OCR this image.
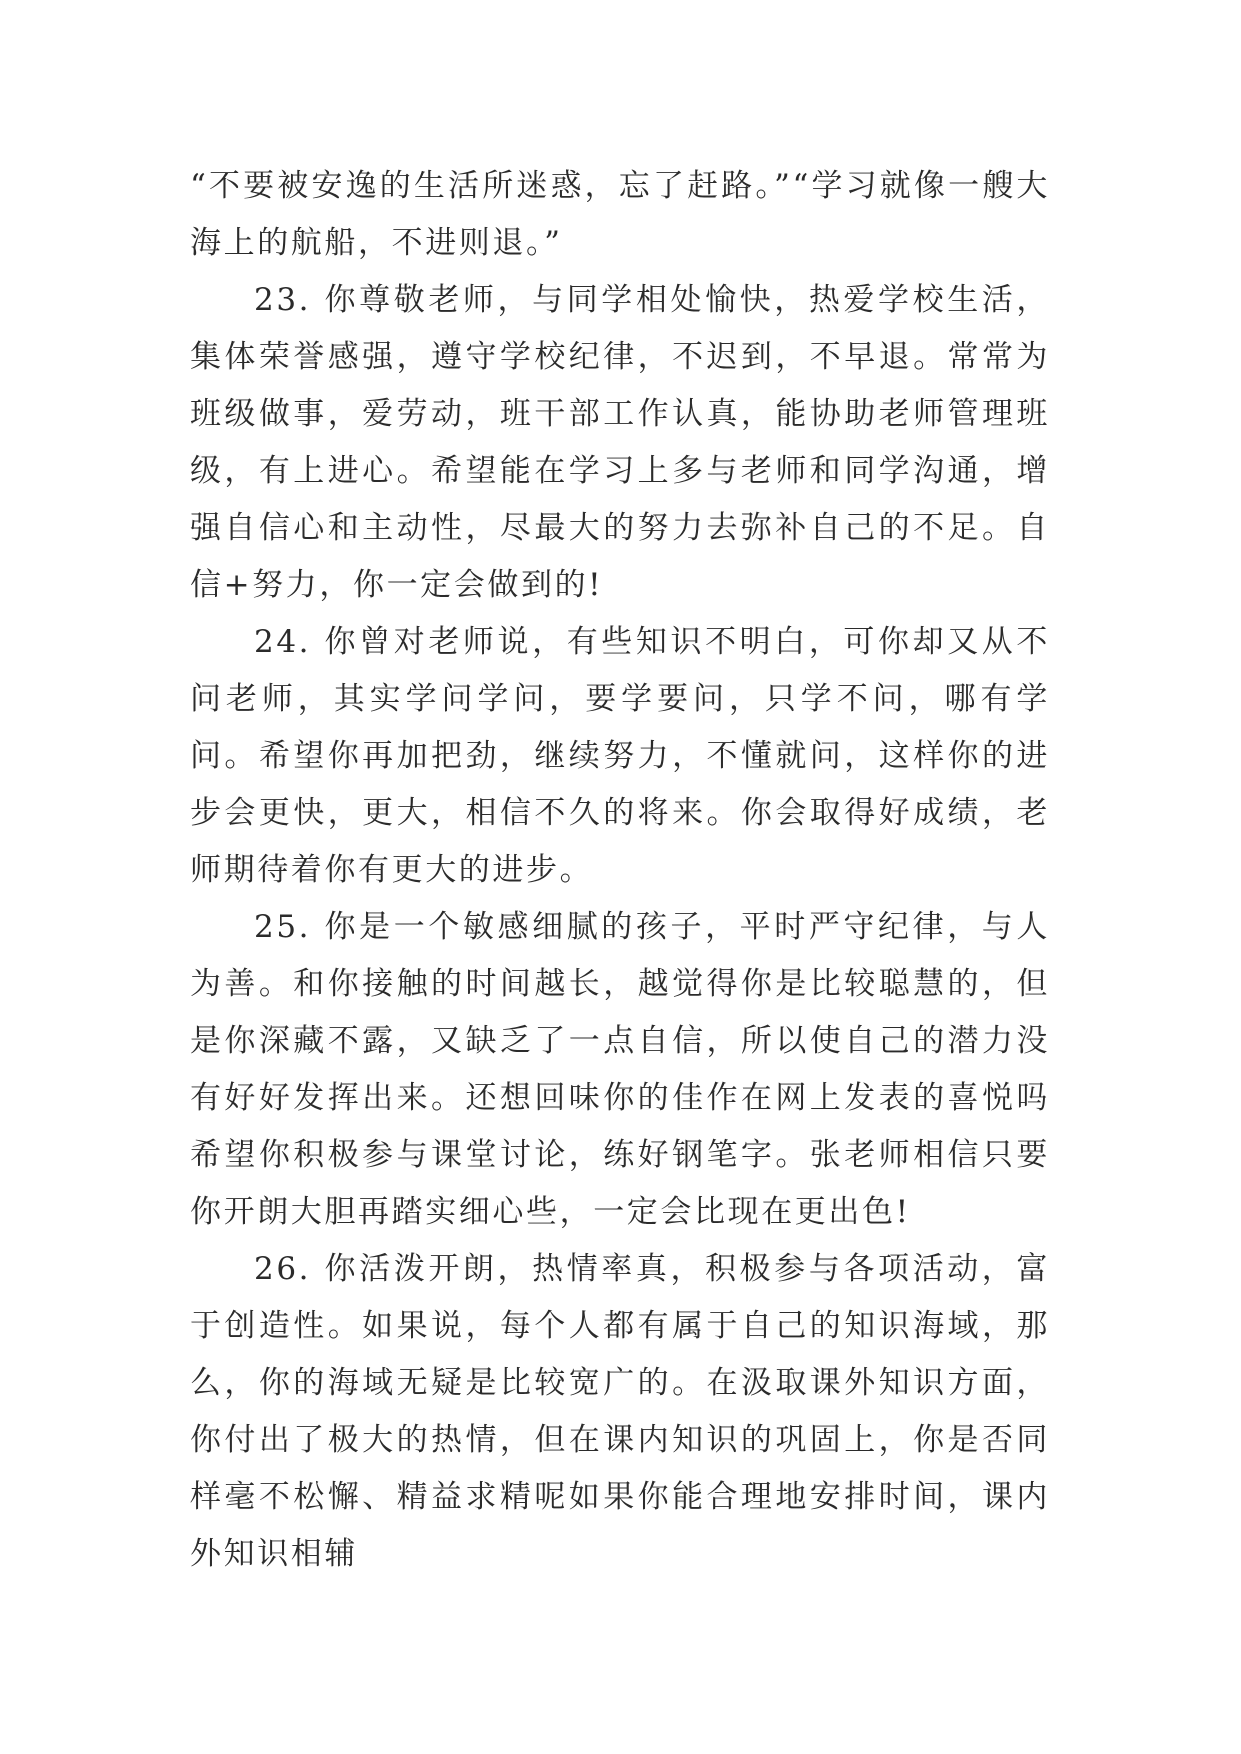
“不要被安逸的生活所迷惑，忘了赶路。”“学习就像一艘大海上的航船，不进则退。”

23. 你尊敬老师，与同学相处愉快，热爱学校生活，集体荣誉感强，遵守学校纪律，不迟到，不早退。常常为班级做事，爱劳动，班干部工作认真，能协助老师管理班级，有上进心。希望能在学习上多与老师和同学沟通，增强自信心和主动性，尽最大的努力去弥补自己的不足。自信+努力，你一定会做到的!

24. 你曾对老师说，有些知识不明白，可你却又从不问老师，其实学问学问，要学要问，只学不问，哪有学问。希望你再加把劲，继续努力，不懂就问，这样你的进步会更快，更大，相信不久的将来。你会取得好成绩，老师期待着你有更大的进步。

25. 你是一个敏感细腻的孩子，平时严守纪律，与人为善。和你接触的时间越长，越觉得你是比较聪慧的，但是你深藏不露，又缺乏了一点自信，所以使自己的潜力没有好好发挥出来。还想回味你的佳作在网上发表的喜悦吗希望你积极参与课堂讨论，练好钢笔字。张老师相信只要你开朗大胆再踏实细心些，一定会比现在更出色!

26. 你活泼开朗，热情率真，积极参与各项活动，富于创造性。如果说，每个人都有属于自己的知识海域，那么，你的海域无疑是比较宽广的。在汲取课外知识方面，你付出了极大的热情，但在课内知识的巩固上，你是否同样毫不松懈、精益求精呢如果你能合理地安排时间，课内外知识相辅
